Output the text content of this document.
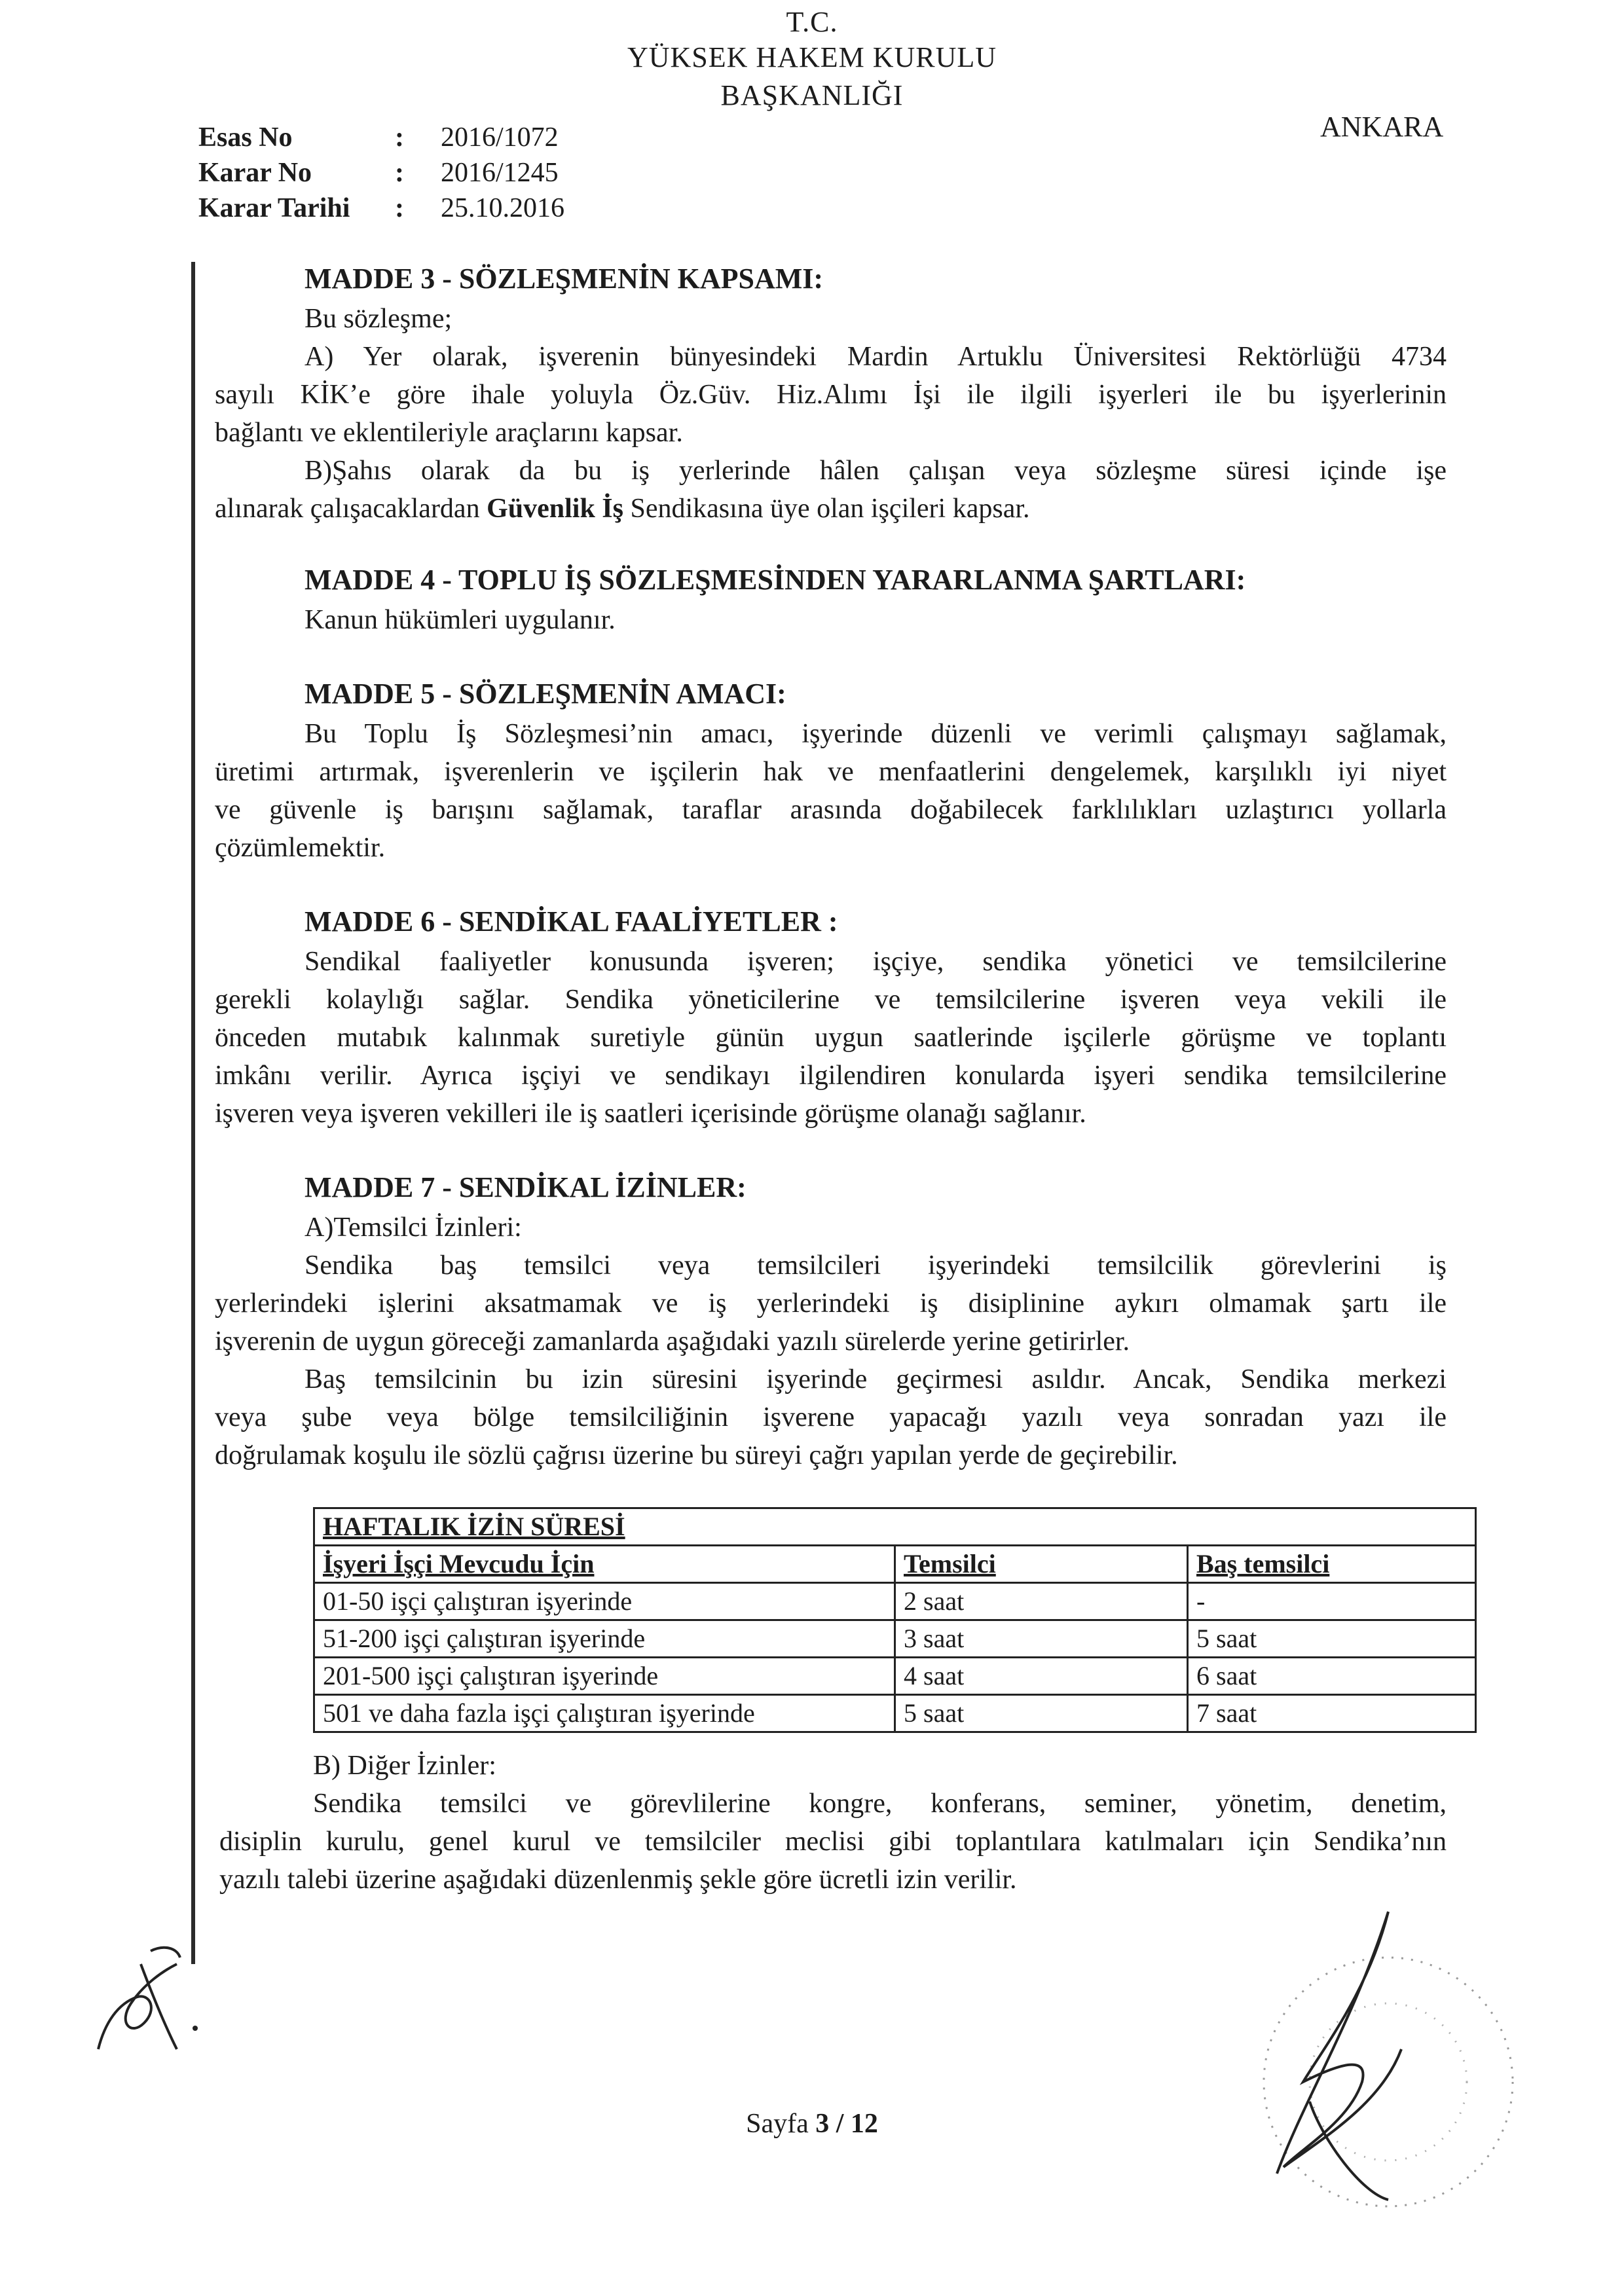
T.C.
YÜKSEK HAKEM KURULU
BAŞKANLIĞI
ANKARA
Esas No	: 2016/1072
Karar No	: 2016/1245
Karar Tarihi : 25.10.2016
MADDE 3 - SÖZLEŞMENİN KAPSAMI:
Bu sözleşme;
A) Yer olarak, işverenin bünyesindeki Mardin Artuklu Üniversitesi Rektörlüğü 4734
sayılı KİK’e göre ihale yoluyla Öz.Güv. Hiz.Alımı İşi ile ilgili işyerleri ile bu işyerlerinin
bağlantı ve eklentileriyle araçlarını kapsar.
B)Şahıs olarak da bu iş yerlerinde hâlen çalışan veya sözleşme süresi içinde işe
alınarak çalışacaklardan Güvenlik İş Sendikasına üye olan işçileri kapsar.
MADDE 4 - TOPLU İŞ SÖZLEŞMESİNDEN YARARLANMA ŞARTLARI:
Kanun hükümleri uygulanır.
MADDE 5 - SÖZLEŞMENİN AMACI:
Bu Toplu İş Sözleşmesi’nin amacı, işyerinde düzenli ve verimli çalışmayı sağlamak,
üretimi artırmak, işverenlerin ve işçilerin hak ve menfaatlerini dengelemek, karşılıklı iyi niyet
ve güvenle iş barışını sağlamak, taraflar arasında doğabilecek farklılıkları uzlaştırıcı yollarla
çözümlemektir.
MADDE 6 - SENDİKAL FAALİYETLER :
Sendikal faaliyetler konusunda işveren; işçiye, sendika yönetici ve temsilcilerine
gerekli kolaylığı sağlar. Sendika yöneticilerine ve temsilcilerine işveren veya vekili ile
önceden mutabık kalınmak suretiyle günün uygun saatlerinde işçilerle görüşme ve toplantı
imkânı verilir. Ayrıca işçiyi ve sendikayı ilgilendiren konularda işyeri sendika temsilcilerine
işveren veya işveren vekilleri ile iş saatleri içerisinde görüşme olanağı sağlanır.
MADDE 7 - SENDİKAL İZİNLER:
A)Temsilci İzinleri:
Sendika baş temsilci veya temsilcileri işyerindeki temsilcilik görevlerini iş
yerlerindeki işlerini aksatmamak ve iş yerlerindeki iş disiplinine aykırı olmamak şartı ile
işverenin de uygun göreceği zamanlarda aşağıdaki yazılı sürelerde yerine getirirler.
Baş temsilcinin bu izin süresini işyerinde geçirmesi asıldır. Ancak, Sendika merkezi
veya şube veya bölge temsilciliğinin işverene yapacağı yazılı veya sonradan yazı ile
doğrulamak koşulu ile sözlü çağrısı üzerine bu süreyi çağrı yapılan yerde de geçirebilir.
HAFTALIK İZİN SÜRESİ		
İşyeri İşçi Mevcudu İçin	Temsilci	Baş temsilci
01-50 işçi çalıştıran işyerinde	2 saat	-
51-200 işçi çalıştıran işyerinde	3 saat	5 saat
201-500 işçi çalıştıran işyerinde	4 saat	6 saat
501 ve daha fazla işçi çalıştıran işyerinde	5 saat	7 saat
B) Diğer İzinler:
Sendika temsilci ve görevlilerine kongre, konferans, seminer, yönetim, denetim,
disiplin kurulu, genel kurul ve temsilciler meclisi gibi toplantılara katılmaları için Sendika’nın
yazılı talebi üzerine aşağıdaki düzenlenmiş şekle göre ücretli izin verilir.
Sayfa 3 / 12
